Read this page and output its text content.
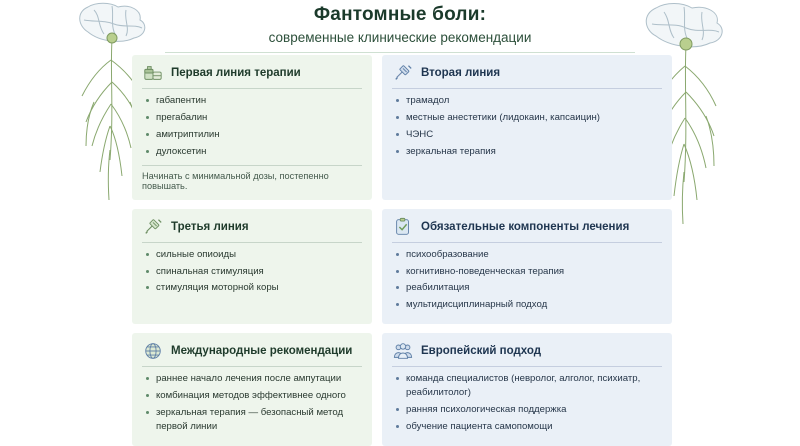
Фантомные боли:
современные клинические рекомендации
Первая линия терапии
габапентин
прегабалин
амитриптилин
дулоксетин
Начинать с минимальной дозы, постепенно повышать.
Вторая линия
трамадол
местные анестетики (лидокаин, капсаицин)
ЧЭНС
зеркальная терапия
Третья линия
сильные опиоиды
спинальная стимуляция
стимуляция моторной коры
Обязательные компоненты лечения
психообразование
когнитивно-поведенческая терапия
реабилитация
мультидисциплинарный подход
Международные рекомендации
раннее начало лечения после ампутации
комбинация методов эффективнее одного
зеркальная терапия — безопасный метод первой линии
Европейский подход
команда специалистов (невролог, алголог, психиатр, реабилитолог)
ранняя психологическая поддержка
обучение пациента самопомощи
